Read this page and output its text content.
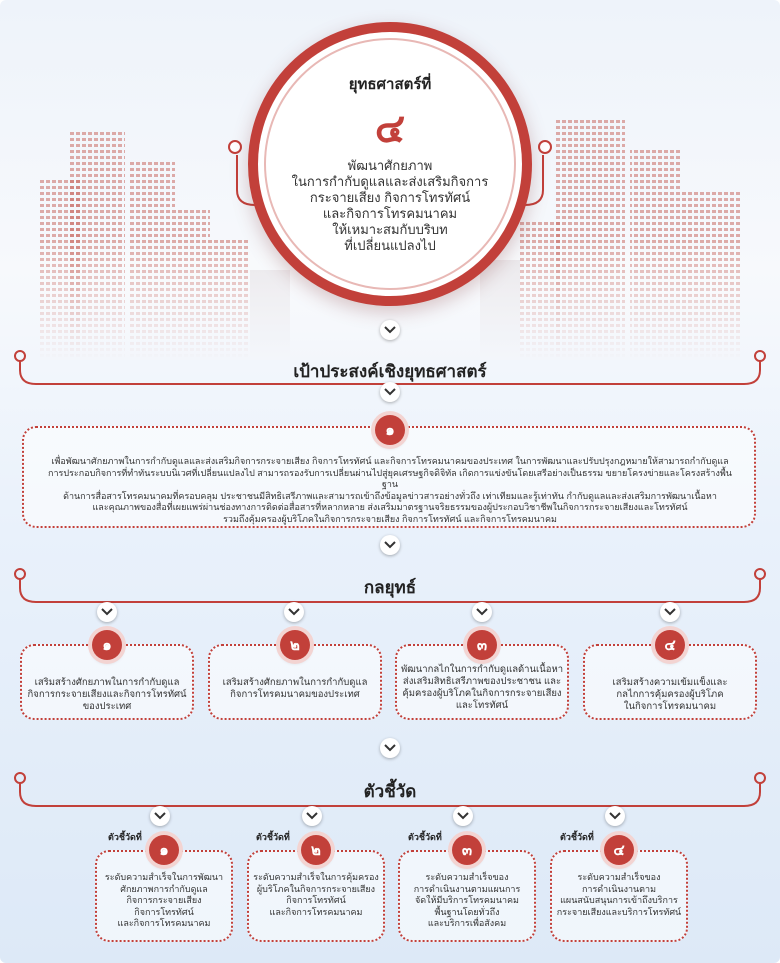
ยุทธศาสตร์ที่
๔
พัฒนาศักยภาพ
ในการกำกับดูแลและส่งเสริมกิจการ
กระจายเสียง กิจการโทรทัศน์
และกิจการโทรคมนาคม
ให้เหมาะสมกับบริบท
ที่เปลี่ยนแปลงไป
เป้าประสงค์เชิงยุทธศาสตร์
๑
เพื่อพัฒนาศักยภาพในการกำกับดูแลและส่งเสริมกิจการกระจายเสียง กิจการโทรทัศน์ และกิจการโทรคมนาคมของประเทศ ในการพัฒนาและปรับปรุงกฎหมายให้สามารถกำกับดูแล
การประกอบกิจการที่ทำทันระบบนิเวศที่เปลี่ยนแปลงไป สามารถรองรับการเปลี่ยนผ่านไปสู่ยุคเศรษฐกิจดิจิทัล เกิดการแข่งขันโดยเสรีอย่างเป็นธรรม ขยายโครงข่ายและโครงสร้างพื้นฐาน
ด้านการสื่อสารโทรคมนาคมที่ครอบคลุม ประชาชนมีสิทธิเสรีภาพและสามารถเข้าถึงข้อมูลข่าวสารอย่างทั่วถึง เท่าเทียมและรู้เท่าทัน กำกับดูแลและส่งเสริมการพัฒนาเนื้อหา
และคุณภาพของสื่อที่เผยแพร่ผ่านช่องทางการติดต่อสื่อสารที่หลากหลาย ส่งเสริมมาตรฐานจริยธรรมของผู้ประกอบวิชาชีพในกิจการกระจายเสียงและโทรทัศน์
รวมถึงคุ้มครองผู้บริโภคในกิจการกระจายเสียง กิจการโทรทัศน์ และกิจการโทรคมนาคม
กลยุทธ์
๑	๒	๓	๔
เสริมสร้างศักยภาพในการกำกับดูแล
กิจการกระจายเสียงและกิจการโทรทัศน์
ของประเทศ
เสริมสร้างศักยภาพในการกำกับดูแล
กิจการโทรคมนาคมของประเทศ
พัฒนากลไกในการกำกับดูแลด้านเนื้อหา
ส่งเสริมสิทธิเสรีภาพของประชาชน และ
คุ้มครองผู้บริโภคในกิจการกระจายเสียง
และโทรทัศน์
เสริมสร้างความเข้มแข็งและ
กลไกการคุ้มครองผู้บริโภค
ในกิจการโทรคมนาคม
ตัวชี้วัด
ตัวชี้วัดที่	ตัวชี้วัดที่	ตัวชี้วัดที่	ตัวชี้วัดที่
๑	๒	๓	๔
ระดับความสำเร็จในการพัฒนา
ศักยภาพการกำกับดูแล
กิจการกระจายเสียง
กิจการโทรทัศน์
และกิจการโทรคมนาคม
ระดับความสำเร็จในการคุ้มครอง
ผู้บริโภคในกิจการกระจายเสียง
กิจการโทรทัศน์
และกิจการโทรคมนาคม
ระดับความสำเร็จของ
การดำเนินงานตามแผนการ
จัดให้มีบริการโทรคมนาคม
พื้นฐานโดยทั่วถึง
และบริการเพื่อสังคม
ระดับความสำเร็จของ
การดำเนินงานตาม
แผนสนับสนุนการเข้าถึงบริการ
กระจายเสียงและบริการโทรทัศน์
